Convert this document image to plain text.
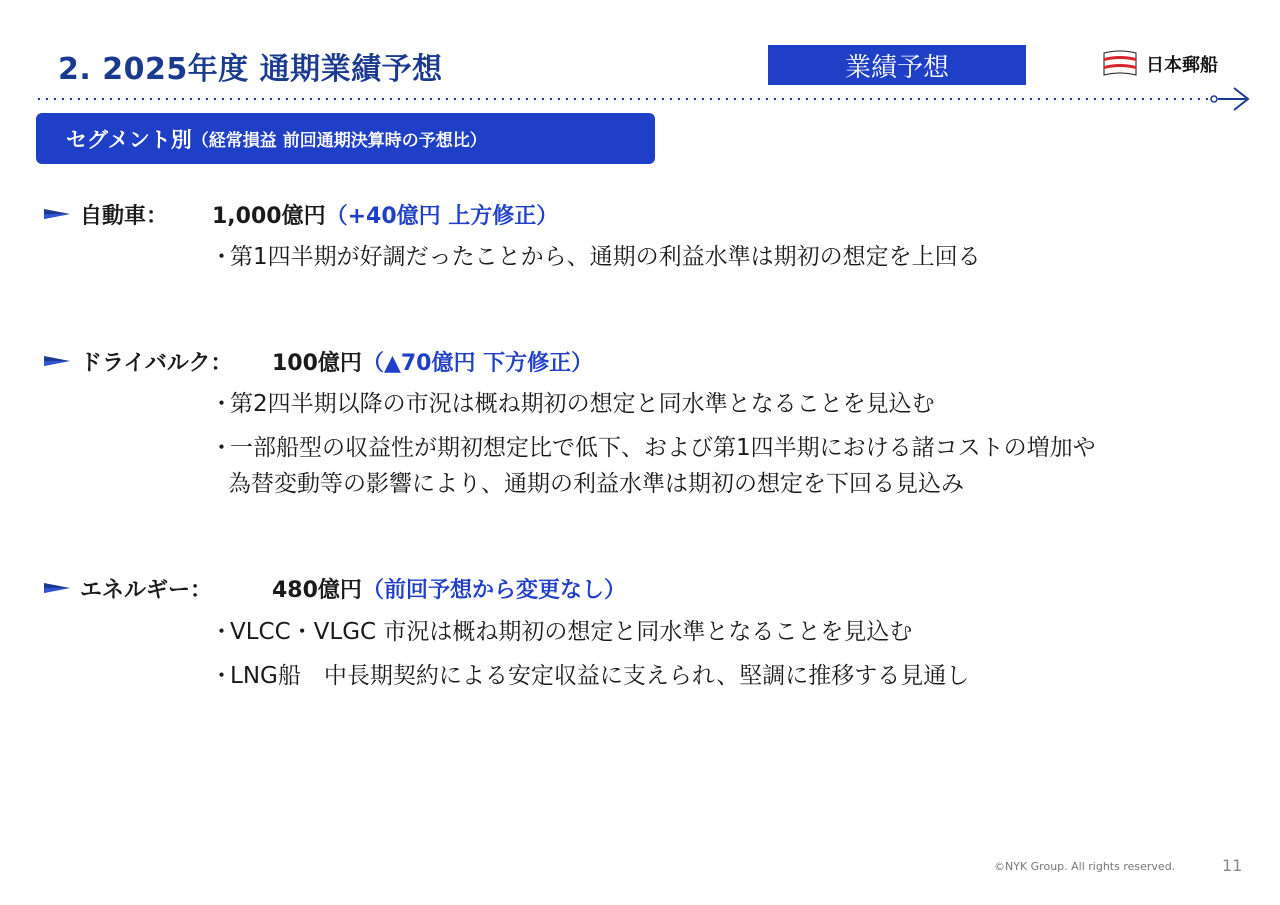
2. 2025年度 通期業績予想	業績予想	日本郵船
セグメント別 （経常損益 前回通期決算時の予想比）
自動車：	1,000億円 （+40億円 上方修正）
・第1四半期が好調だったことから、通期の利益水準は期初の想定を上回る
ドライバルク：	100億円 （▲70億円 下方修正）
・第2四半期以降の市況は概ね期初の想定と同水準となることを見込む
・一部船型の収益性が期初想定比で低下、および第1四半期における諸コストの増加や
為替変動等の影響により、通期の利益水準は期初の想定を下回る見込み
エネルギー：	480億円 （前回予想から変更なし）
・VLCC・VLGC 市況は概ね期初の想定と同水準となることを見込む
・LNG船　中長期契約による安定収益に支えられ、堅調に推移する見通し
©NYK Group. All rights reserved.	11
